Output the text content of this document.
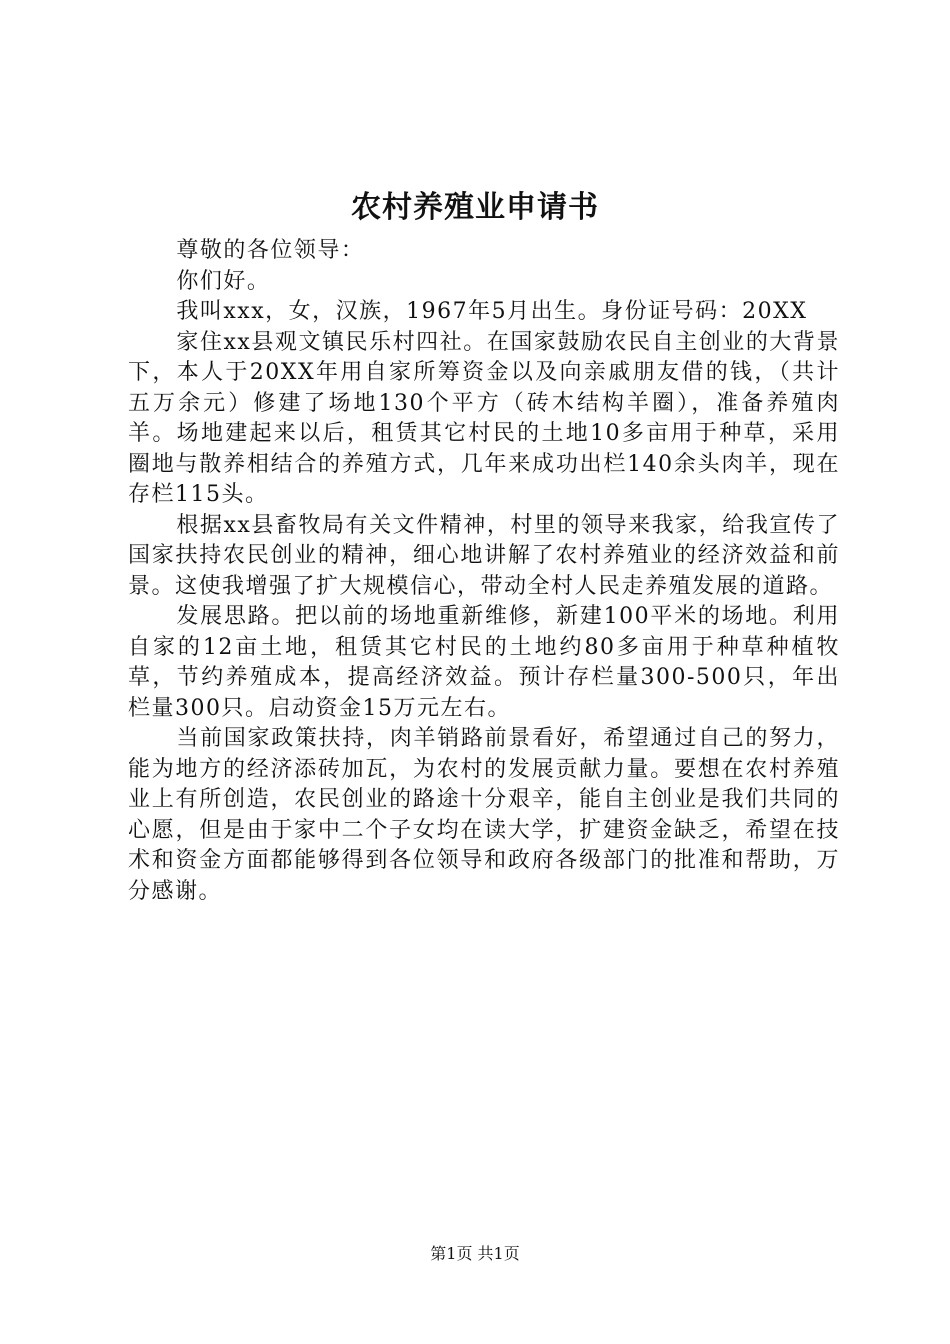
农村养殖业申请书

尊敬的各位领导：

你们好。

我叫xxx，女，汉族，1967年5月出生。身份证号码：20XX

家住xx县观文镇民乐村四社。在国家鼓励农民自主创业的大背景下，本人于20XX年用自家所筹资金以及向亲戚朋友借的钱，（共计五万余元）修建了场地130个平方（砖木结构羊圈），准备养殖肉羊。场地建起来以后，租赁其它村民的土地10多亩用于种草，采用圈地与散养相结合的养殖方式，几年来成功出栏140余头肉羊，现在存栏115头。

根据xx县畜牧局有关文件精神，村里的领导来我家，给我宣传了国家扶持农民创业的精神，细心地讲解了农村养殖业的经济效益和前景。这使我增强了扩大规模信心，带动全村人民走养殖发展的道路。

发展思路。把以前的场地重新维修，新建100平米的场地。利用自家的12亩土地，租赁其它村民的土地约80多亩用于种草种植牧草，节约养殖成本，提高经济效益。预计存栏量300-500只，年出栏量300只。启动资金15万元左右。

当前国家政策扶持，肉羊销路前景看好，希望通过自己的努力，能为地方的经济添砖加瓦，为农村的发展贡献力量。要想在农村养殖业上有所创造，农民创业的路途十分艰辛，能自主创业是我们共同的心愿，但是由于家中二个子女均在读大学，扩建资金缺乏，希望在技术和资金方面都能够得到各位领导和政府各级部门的批准和帮助，万分感谢。

第1页 共1页
